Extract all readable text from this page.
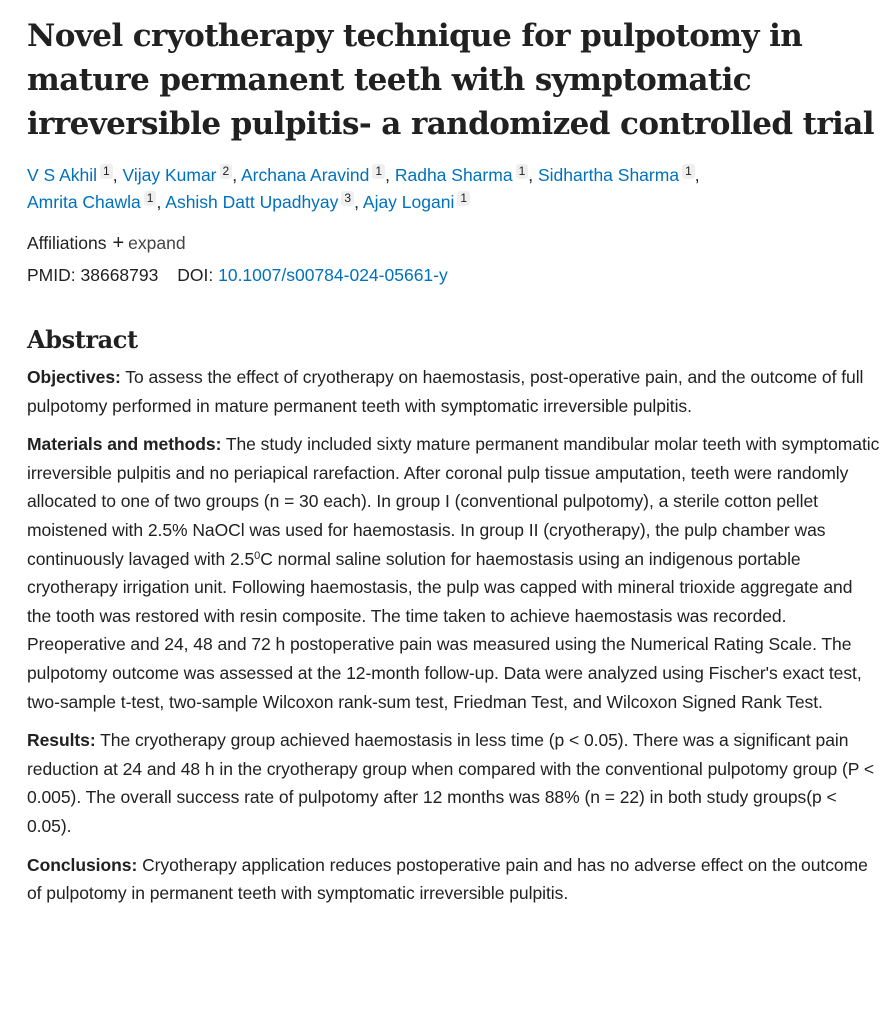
Novel cryotherapy technique for pulpotomy in mature permanent teeth with symptomatic irreversible pulpitis- a randomized controlled trial
V S Akhil 1 , Vijay Kumar 2 , Archana Aravind 1 , Radha Sharma 1 , Sidhartha Sharma 1 ,
Amrita Chawla 1 , Ashish Datt Upadhyay 3 , Ajay Logani 1
Affiliations + expand
PMID: 38668793 DOI: 10.1007/s00784-024-05661-y
Abstract

Objectives: To assess the effect of cryotherapy on haemostasis, post-operative pain, and the outcome of full pulpotomy performed in mature permanent teeth with symptomatic irreversible pulpitis.

Materials and methods: The study included sixty mature permanent mandibular molar teeth with symptomatic irreversible pulpitis and no periapical rarefaction. After coronal pulp tissue amputation, teeth were randomly allocated to one of two groups (n = 30 each). In group I (conventional pulpotomy), a sterile cotton pellet moistened with 2.5% NaOCl was used for haemostasis. In group II (cryotherapy), the pulp chamber was continuously lavaged with $2.5^0C$ normal saline solution for haemostasis using an indigenous portable cryotherapy irrigation unit. Following haemostasis, the pulp was capped with mineral trioxide aggregate and the tooth was restored with resin composite. The time taken to achieve haemostasis was recorded. Preoperative and 24, 48 and 72 h postoperative pain was measured using the Numerical Rating Scale. The pulpotomy outcome was assessed at the 12-month follow-up. Data were analyzed using Fischer's exact test, two-sample t-test, two-sample Wilcoxon rank-sum test, Friedman Test, and Wilcoxon Signed Rank Test.

Results: The cryotherapy group achieved haemostasis in less time (p < 0.05). There was a significant pain reduction at 24 and 48 h in the cryotherapy group when compared with the conventional pulpotomy group (P < 0.005). The overall success rate of pulpotomy after 12 months was 88% (n = 22) in both study groups(p < 0.05).

Conclusions: Cryotherapy application reduces postoperative pain and has no adverse effect on the outcome of pulpotomy in permanent teeth with symptomatic irreversible pulpitis.
